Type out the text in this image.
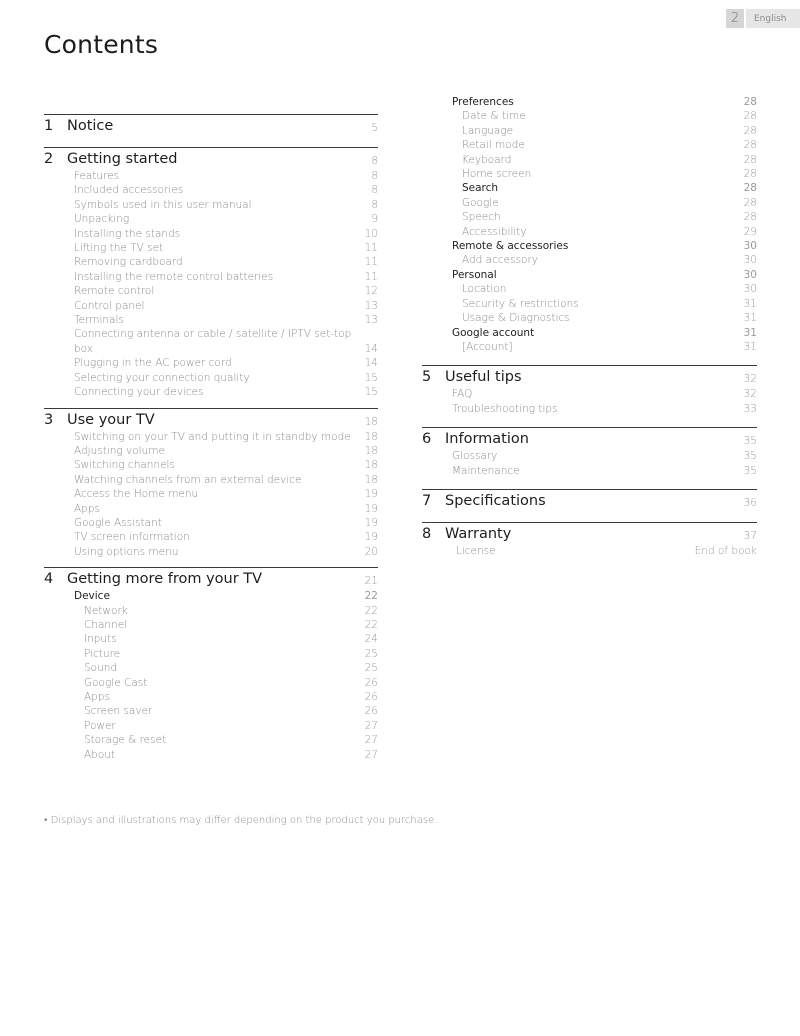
2	English
Contents
1 Notice	5
2 Getting started	8
Features	8
Included accessories	8
Symbols used in this user manual	8
Unpacking	9
Installing the stands	10
Lifting the TV set	11
Removing cardboard	11
Installing the remote control batteries	11
Remote control	12
Control panel	13
Terminals	13
Connecting antenna or cable / satellite / IPTV set-top box	14
Plugging in the AC power cord	14
Selecting your connection quality	15
Connecting your devices	15
3 Use your TV	18
Switching on your TV and putting it in standby mode 18
Adjusting volume	18
Switching channels	18
Watching channels from an external device	18
Access the Home menu	19
Apps	19
Google Assistant	19
TV screen information	19
Using options menu	20
4 Getting more from your TV	21
Device	22
Network	22
Channel	22
Inputs	24
Picture	25
Sound	25
Google Cast	26
Apps	26
Screen saver	26
Power	27
Storage & reset	27
About	27
Preferences	28
Date & time	28
Language	28
Retail mode	28
Keyboard	28
Home screen	28
Search	28
Google	28
Speech	28
Accessibility	29
Remote & accessories	30
Add accessory	30
Personal	30
Location	30
Security & restrictions	31
Usage & Diagnostics	31
Google account	31
[Account]	31
5 Useful tips	32
FAQ	32
Troubleshooting tips	33
6 Information	35
Glossary	35
Maintenance	35
7 Specifications	36
8 Warranty	37
License	End of book
• Displays and illustrations may differ depending on the product you purchase.
